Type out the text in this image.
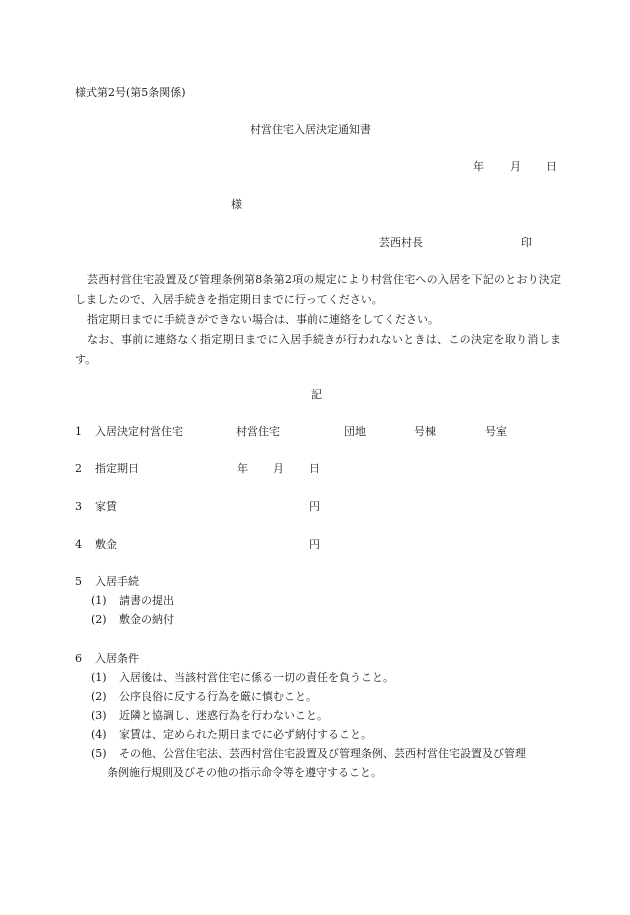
様式第2号(第5条関係)
村営住宅入居決定通知書
年 月 日
様
芸西村長	印

芸西村営住宅設置及び管理条例第8条第2項の規定により村営住宅への入居を下記のとおり決定しましたので、入居手続きを指定期日までに行ってください。

指定期日までに手続きができない場合は、事前に連絡をしてください。

なお、事前に連絡なく指定期日までに入居手続きが行われないときは、この決定を取り消します。

記
1 入居決定村営住宅	村営住宅	団地	号棟	号室
2 指定期日	年 月 日
3 家賃	円
4 敷金	円
5 入居手続
(1) 請書の提出
(2) 敷金の納付
6 入居条件
(1) 入居後は、当該村営住宅に係る一切の責任を負うこと。
(2) 公序良俗に反する行為を厳に慎むこと。
(3) 近隣と協調し、迷惑行為を行わないこと。
(4) 家賃は、定められた期日までに必ず納付すること。
(5) その他、公営住宅法、芸西村営住宅設置及び管理条例、芸西村営住宅設置及び管理
条例施行規則及びその他の指示命令等を遵守すること。
